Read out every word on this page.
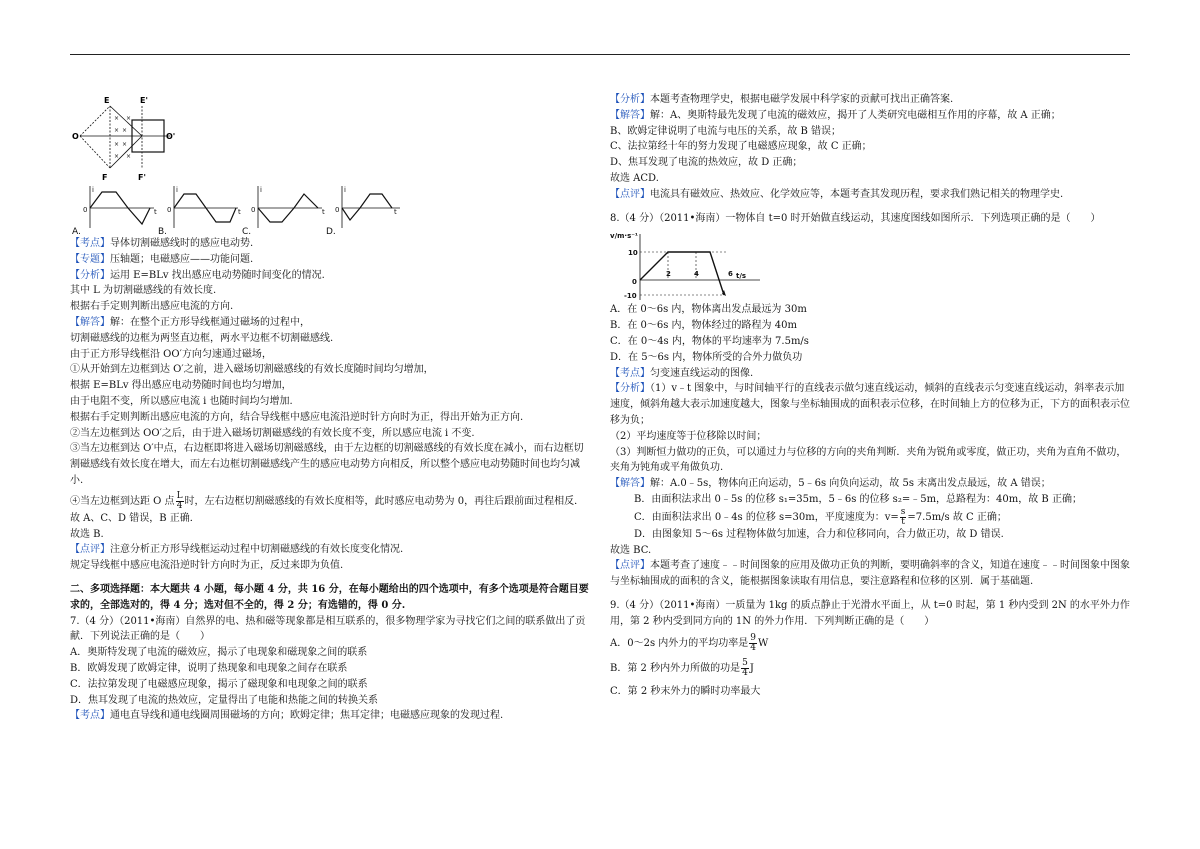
E	E'
O	O'
F	F'
× ×
× ×
× ×
× ×
i
t
0
i
t
0
i
t
0
i
t
0
A.	B.	C.	D.
【考点】导体切割磁感线时的感应电动势.
【专题】压轴题；电磁感应——功能问题.
【分析】运用 E=BLv 找出感应电动势随时间变化的情况.
其中 L 为切割磁感线的有效长度.
根据右手定则判断出感应电流的方向.
【解答】解：在整个正方形导线框通过磁场的过程中，
切割磁感线的边框为两竖直边框，两水平边框不切割磁感线.
由于正方形导线框沿 OO′方向匀速通过磁场，
①从开始到左边框到达 O′之前，进入磁场切割磁感线的有效长度随时间均匀增加，
根据 E=BLv 得出感应电动势随时间也均匀增加，
由于电阻不变，所以感应电流 i 也随时间均匀增加.
根据右手定则判断出感应电流的方向，结合导线框中感应电流沿逆时针方向时为正，得出开始为正方向.
②当左边框到达 OO′之后，由于进入磁场切割磁感线的有效长度不变，所以感应电流 i 不变.
③当左边框到达 O′中点，右边框即将进入磁场切割磁感线，由于左边框的切割磁感线的有效长度在减小，而右边框切割磁感线有效长度在增大，而左右边框切割磁感线产生的感应电动势方向相反，所以整个感应电动势随时间也均匀减小.
④当左边框到达距 O 点 $\frac{L}{4}$ 时，左右边框切割磁感线的有效长度相等，此时感应电动势为 0，再往后跟前面过程相反．故 A、C、D 错误，B 正确．
故选 B.
【点评】注意分析正方形导线框运动过程中切割磁感线的有效长度变化情况.
规定导线框中感应电流沿逆时针方向时为正，反过来即为负值.
二、多项选择题：本大题共 4 小题，每小题 4 分，共 16 分，在每小题给出的四个选项中，有多个选项是符合题目要求的，全部选对的，得 4 分；选对但不全的，得 2 分；有选错的，得 0 分.
7.（4 分）（2011•海南）自然界的电、热和磁等现象都是相互联系的，很多物理学家为寻找它们之间的联系做出了贡献．下列说法正确的是（　　）
A．奥斯特发现了电流的磁效应，揭示了电现象和磁现象之间的联系
B．欧姆发现了欧姆定律，说明了热现象和电现象之间存在联系
C．法拉第发现了电磁感应现象，揭示了磁现象和电现象之间的联系
D．焦耳发现了电流的热效应，定量得出了电能和热能之间的转换关系
【考点】通电直导线和通电线圈周围磁场的方向；欧姆定律；焦耳定律；电磁感应现象的发现过程.
【分析】本题考查物理学史，根据电磁学发展中科学家的贡献可找出正确答案.
【解答】解：A、奥斯特最先发现了电流的磁效应，揭开了人类研究电磁相互作用的序幕，故 A 正确；
B、欧姆定律说明了电流与电压的关系，故 B 错误；
C、法拉第经十年的努力发现了电磁感应现象，故 C 正确；
D、焦耳发现了电流的热效应，故 D 正确；
故选 ACD.
【点评】电流具有磁效应、热效应、化学效应等，本题考查其发现历程，要求我们熟记相关的物理学史.
8.（4 分）（2011•海南）一物体自 t=0 时开始做直线运动，其速度图线如图所示．下列选项正确的是（　　）
v/m·s⁻¹
t/s
10
0
-10
2	4	6
A．在 0～6s 内，物体离出发点最远为 30m
B．在 0～6s 内，物体经过的路程为 40m
C．在 0～4s 内，物体的平均速率为 7.5m/s
D．在 5～6s 内，物体所受的合外力做负功
【考点】匀变速直线运动的图像.
【分析】（1）v﹣t 图象中，与时间轴平行的直线表示做匀速直线运动，倾斜的直线表示匀变速直线运动，斜率表示加速度，倾斜角越大表示加速度越大，图象与坐标轴围成的面积表示位移，在时间轴上方的位移为正，下方的面积表示位移为负；
（2）平均速度等于位移除以时间；
（3）判断恒力做功的正负，可以通过力与位移的方向的夹角判断．夹角为锐角或零度，做正功，夹角为直角不做功，夹角为钝角或平角做负功.
【解答】解：A.0﹣5s，物体向正向运动，5﹣6s 向负向运动，故 5s 末离出发点最远，故 A 错误；
B．由面积法求出 0﹣5s 的位移 s₁=35m，5﹣6s 的位移 s₂=﹣5m，总路程为：40m，故 B 正确；
C．由面积法求出 0﹣4s 的位移 s=30m，平度速度为：$v= \frac{s}{t} =7.5m/s$ 故 C 正确；
D．由图象知 5～6s 过程物体做匀加速，合力和位移同向，合力做正功，故 D 错误.
故选 BC.
【点评】本题考查了速度﹣﹣时间图象的应用及做功正负的判断，要明确斜率的含义，知道在速度﹣﹣时间图象中图象与坐标轴围成的面积的含义，能根据图象读取有用信息，要注意路程和位移的区别．属于基础题.
9.（4 分）（2011•海南）一质量为 1kg 的质点静止于光滑水平面上，从 t=0 时起，第 1 秒内受到 2N 的水平外力作用，第 2 秒内受到同方向的 1N 的外力作用．下列判断正确的是（　　）
A．0～2s 内外力的平均功率是 $\frac{9}{4}$ W
B．第 2 秒内外力所做的功是 $\frac{5}{4}$ J
C．第 2 秒末外力的瞬时功率最大
